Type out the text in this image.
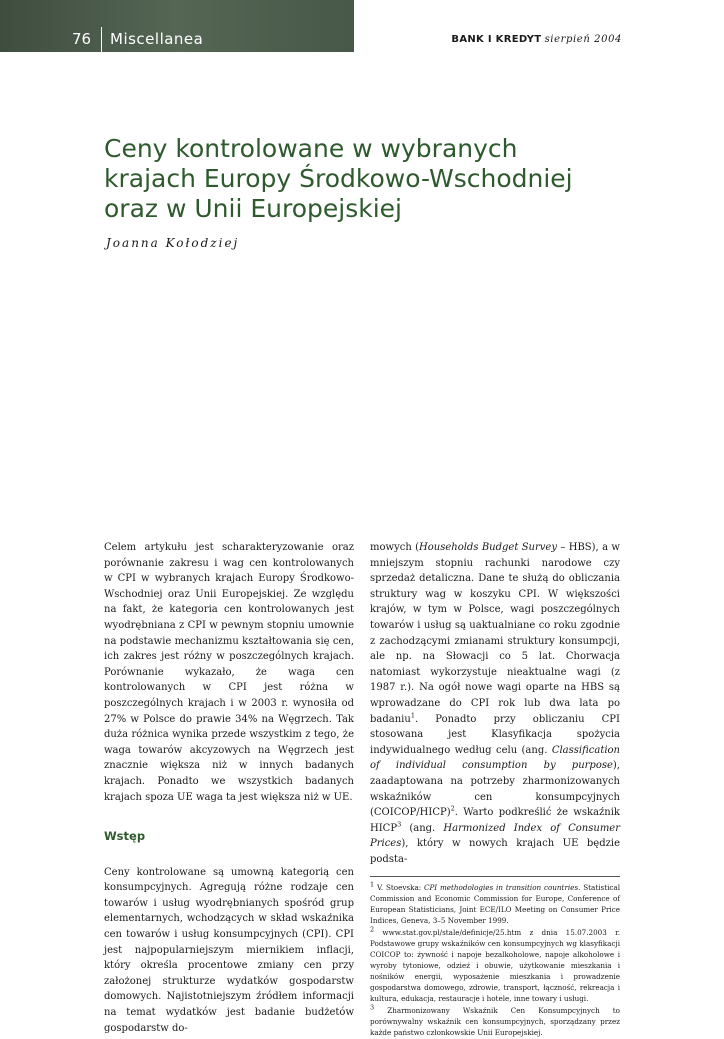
76 Miscellanea	BANK I KREDYT sierpień 2004
Ceny kontrolowane w wybranych
krajach Europy Środkowo-Wschodniej
oraz w Unii Europejskiej
Joanna Kołodziej

Celem artykułu jest scharakteryzowanie oraz porównanie zakresu i wag cen kontrolowanych w CPI w wybranych krajach Europy Środkowo-Wschodniej oraz Unii Europejskiej. Ze względu na fakt, że kategoria cen kontrolowanych jest wyodrębniana z CPI w pewnym stopniu umownie na podstawie mechanizmu kształtowania się cen, ich zakres jest różny w poszczególnych krajach. Porównanie wykazało, że waga cen kontrolowanych w CPI jest różna w poszczególnych krajach i w 2003 r. wynosiła od 27% w Polsce do prawie 34% na Węgrzech. Tak duża różnica wynika przede wszystkim z tego, że waga towarów akcyzowych na Węgrzech jest znacznie większa niż w innych badanych krajach. Ponadto we wszystkich badanych krajach spoza UE waga ta jest większa niż w UE.

Wstęp

Ceny kontrolowane są umowną kategorią cen konsumpcyjnych. Agregują różne rodzaje cen towarów i usług wyodrębnianych spośród grup elementarnych, wchodzących w skład wskaźnika cen towarów i usług konsumpcyjnych (CPI). CPI jest najpopularniejszym miernikiem inflacji, który określa procentowe zmiany cen przy założonej strukturze wydatków gospodarstw domowych. Najistotniejszym źródłem informacji na temat wydatków jest badanie budżetów gospodarstw do-

mowych (Households Budget Survey – HBS), a w mniejszym stopniu rachunki narodowe czy sprzedaż detaliczna. Dane te służą do obliczania struktury wag w koszyku CPI. W większości krajów, w tym w Polsce, wagi poszczególnych towarów i usług są uaktualniane co roku zgodnie z zachodzącymi zmianami struktury konsumpcji, ale np. na Słowacji co 5 lat. Chorwacja natomiast wykorzystuje nieaktualne wagi (z 1987 r.). Na ogół nowe wagi oparte na HBS są wprowadzane do CPI rok lub dwa lata po badaniu$^1$. Ponadto przy obliczaniu CPI stosowana jest Klasyfikacja spożycia indywidualnego według celu (ang. Classification of individual consumption by purpose), zaadaptowana na potrzeby zharmonizowanych wskaźników cen konsumpcyjnych (COICOP/HICP)$^2$. Warto podkreślić że wskaźnik HICP$^3$ (ang. Harmonized Index of Consumer Prices), który w nowych krajach UE będzie podsta-

$^1$ V. Stoevska: CPI methodologies in transition countries. Statistical Commission and Economic Commission for Europe, Conference of European Statisticians, Joint ECE/ILO Meeting on Consumer Price Indices, Geneva, 3–5 November 1999.

$^2$ www.stat.gov.pl/stale/definicje/25.htm z dnia 15.07.2003 r. Podstawowe grupy wskaźników cen konsumpcyjnych wg klasyfikacji COICOP to: żywność i napoje bezalkoholowe, napoje alkoholowe i wyroby tytoniowe, odzież i obuwie, użytkowanie mieszkania i nośników energii, wyposażenie mieszkania i prowadzenie gospodarstwa domowego, zdrowie, transport, łączność, rekreacja i kultura, edukacja, restauracje i hotele, inne towary i usługi.

$^3$ Zharmonizowany Wskaźnik Cen Konsumpcyjnych to porównywalny wskaźnik cen konsumpcyjnych, sporządzany przez każde państwo członkowskie Unii Europejskiej.
